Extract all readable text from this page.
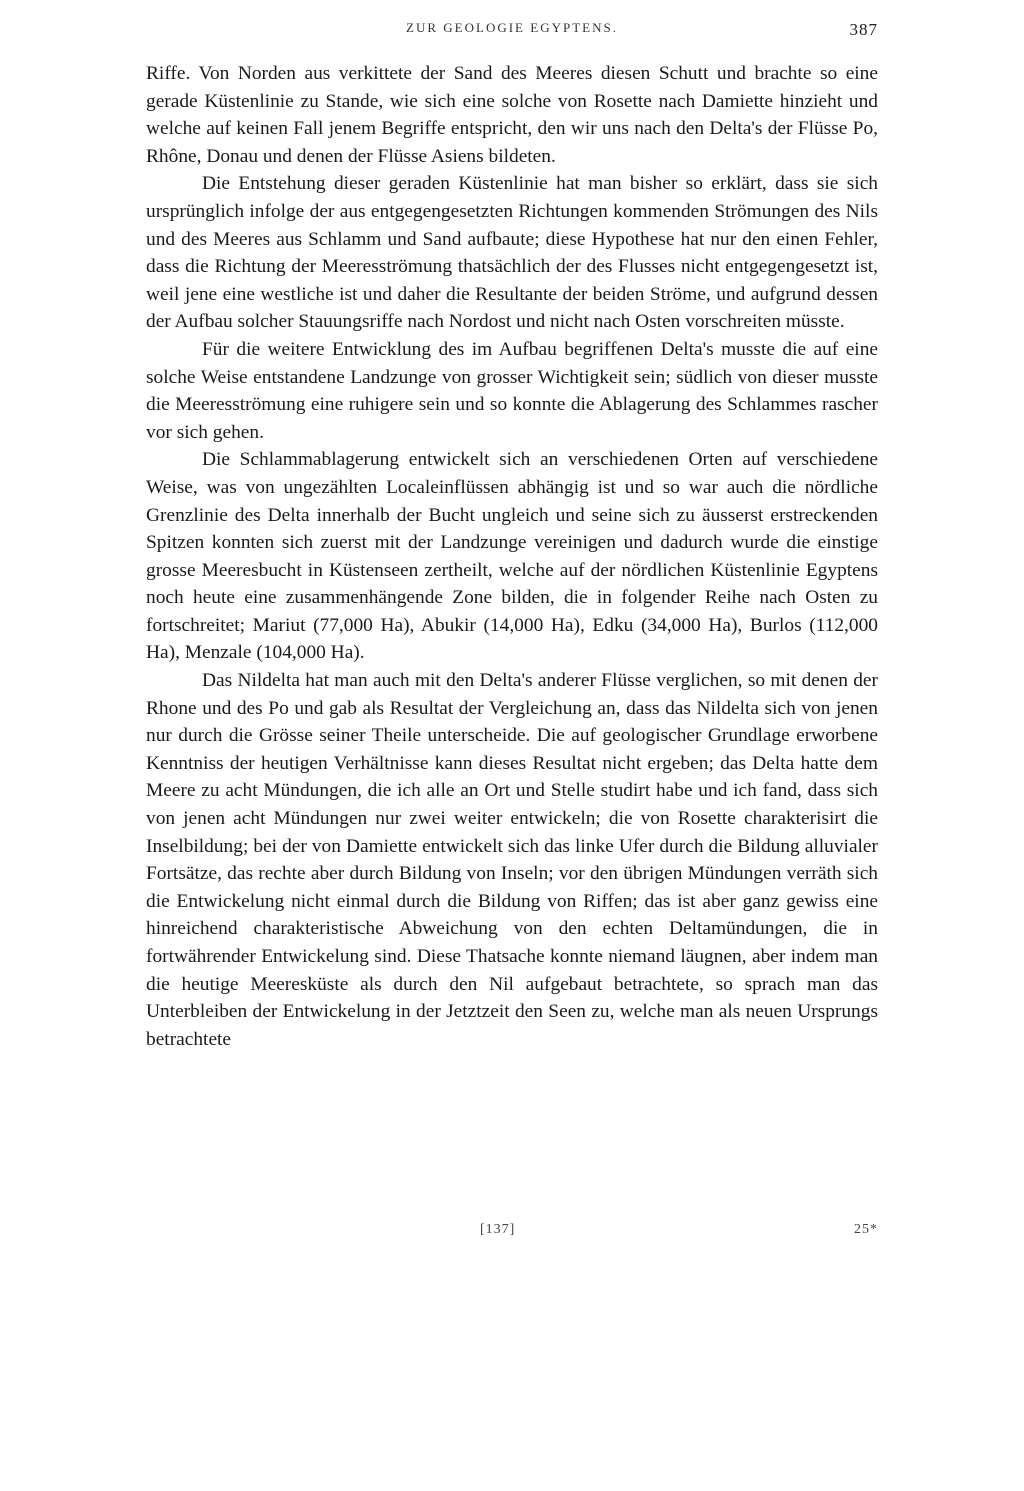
ZUR GEOLOGIE EGYPTENS.	387

Riffe. Von Norden aus verkittete der Sand des Meeres diesen Schutt und brachte so eine gerade Küstenlinie zu Stande, wie sich eine solche von Rosette nach Damiette hinzieht und welche auf keinen Fall jenem Begriffe entspricht, den wir uns nach den Delta's der Flüsse Po, Rhône, Donau und denen der Flüsse Asiens bildeten.

Die Entstehung dieser geraden Küstenlinie hat man bisher so erklärt, dass sie sich ursprünglich infolge der aus entgegengesetzten Richtungen kommenden Strömungen des Nils und des Meeres aus Schlamm und Sand aufbaute; diese Hypothese hat nur den einen Fehler, dass die Richtung der Meeresströmung thatsächlich der des Flusses nicht entgegengesetzt ist, weil jene eine westliche ist und daher die Resultante der beiden Ströme, und aufgrund dessen der Aufbau solcher Stauungsriffe nach Nordost und nicht nach Osten vorschreiten müsste.

Für die weitere Entwicklung des im Aufbau begriffenen Delta's musste die auf eine solche Weise entstandene Landzunge von grosser Wichtigkeit sein; südlich von dieser musste die Meeresströmung eine ruhigere sein und so konnte die Ablagerung des Schlammes rascher vor sich gehen.

Die Schlammablagerung entwickelt sich an verschiedenen Orten auf verschiedene Weise, was von ungezählten Localeinflüssen abhängig ist und so war auch die nördliche Grenzlinie des Delta innerhalb der Bucht ungleich und seine sich zu äusserst erstreckenden Spitzen konnten sich zuerst mit der Landzunge vereinigen und dadurch wurde die einstige grosse Meeresbucht in Küstenseen zertheilt, welche auf der nördlichen Küstenlinie Egyptens noch heute eine zusammenhängende Zone bilden, die in folgender Reihe nach Osten zu fortschreitet; Mariut (77,000 Ha), Abukir (14,000 Ha), Edku (34,000 Ha), Burlos (112,000 Ha), Menzale (104,000 Ha).

Das Nildelta hat man auch mit den Delta's anderer Flüsse verglichen, so mit denen der Rhone und des Po und gab als Resultat der Vergleichung an, dass das Nildelta sich von jenen nur durch die Grösse seiner Theile unterscheide. Die auf geologischer Grundlage erworbene Kenntniss der heutigen Verhältnisse kann dieses Resultat nicht ergeben; das Delta hatte dem Meere zu acht Mündungen, die ich alle an Ort und Stelle studirt habe und ich fand, dass sich von jenen acht Mündungen nur zwei weiter entwickeln; die von Rosette charakterisirt die Inselbildung; bei der von Damiette entwickelt sich das linke Ufer durch die Bildung alluvialer Fortsätze, das rechte aber durch Bildung von Inseln; vor den übrigen Mündungen verräth sich die Entwickelung nicht einmal durch die Bildung von Riffen; das ist aber ganz gewiss eine hinreichend charakteristische Abweichung von den echten Deltamündungen, die in fortwährender Entwickelung sind. Diese Thatsache konnte niemand läugnen, aber indem man die heutige Meeresküste als durch den Nil aufgebaut betrachtete, so sprach man das Unterbleiben der Entwickelung in der Jetztzeit den Seen zu, welche man als neuen Ursprungs betrachtete

[137]	25*
